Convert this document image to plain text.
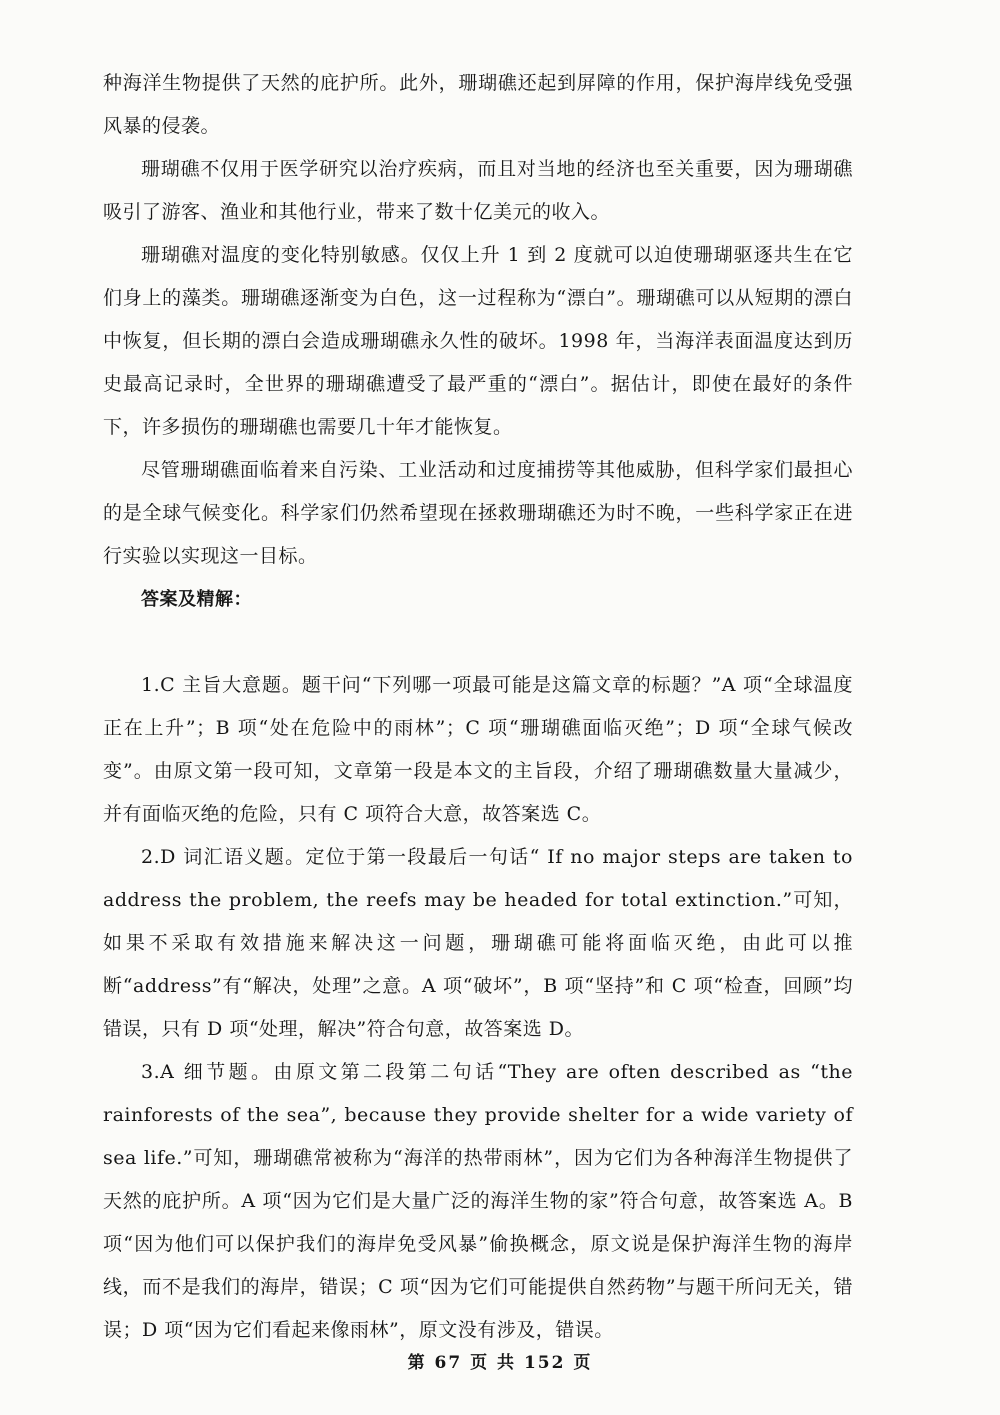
种海洋生物提供了天然的庇护所。此外，珊瑚礁还起到屏障的作用，保护海岸线免受强风暴的侵袭。

珊瑚礁不仅用于医学研究以治疗疾病，而且对当地的经济也至关重要，因为珊瑚礁吸引了游客、渔业和其他行业，带来了数十亿美元的收入。

珊瑚礁对温度的变化特别敏感。仅仅上升 1 到 2 度就可以迫使珊瑚驱逐共生在它们身上的藻类。珊瑚礁逐渐变为白色，这一过程称为“漂白”。珊瑚礁可以从短期的漂白中恢复，但长期的漂白会造成珊瑚礁永久性的破坏。1998 年，当海洋表面温度达到历史最高记录时，全世界的珊瑚礁遭受了最严重的“漂白”。据估计，即使在最好的条件下，许多损伤的珊瑚礁也需要几十年才能恢复。

尽管珊瑚礁面临着来自污染、工业活动和过度捕捞等其他威胁，但科学家们最担心的是全球气候变化。科学家们仍然希望现在拯救珊瑚礁还为时不晚，一些科学家正在进行实验以实现这一目标。

答案及精解：

1.C 主旨大意题。题干问“下列哪一项最可能是这篇文章的标题？”A 项“全球温度正在上升”；B 项“处在危险中的雨林”；C 项“珊瑚礁面临灭绝”；D 项“全球气候改变”。由原文第一段可知，文章第一段是本文的主旨段，介绍了珊瑚礁数量大量减少，并有面临灭绝的危险，只有 C 项符合大意，故答案选 C。

2.D 词汇语义题。定位于第一段最后一句话“ If no major steps are taken to address the problem, the reefs may be headed for total extinction.”可知，如果不采取有效措施来解决这一问题，珊瑚礁可能将面临灭绝，由此可以推断“address”有“解决，处理”之意。A 项“破坏”，B 项“坚持”和 C 项“检查，回顾”均错误，只有 D 项“处理，解决”符合句意，故答案选 D。

3.A 细节题。由原文第二段第二句话“They are often described as “the rainforests of the sea”, because they provide shelter for a wide variety of sea life.”可知，珊瑚礁常被称为“海洋的热带雨林”，因为它们为各种海洋生物提供了天然的庇护所。A 项“因为它们是大量广泛的海洋生物的家”符合句意，故答案选 A。B 项“因为他们可以保护我们的海岸免受风暴”偷换概念，原文说是保护海洋生物的海岸线，而不是我们的海岸，错误；C 项“因为它们可能提供自然药物”与题干所问无关，错误；D 项“因为它们看起来像雨林”，原文没有涉及，错误。

第 67 页 共 152 页
